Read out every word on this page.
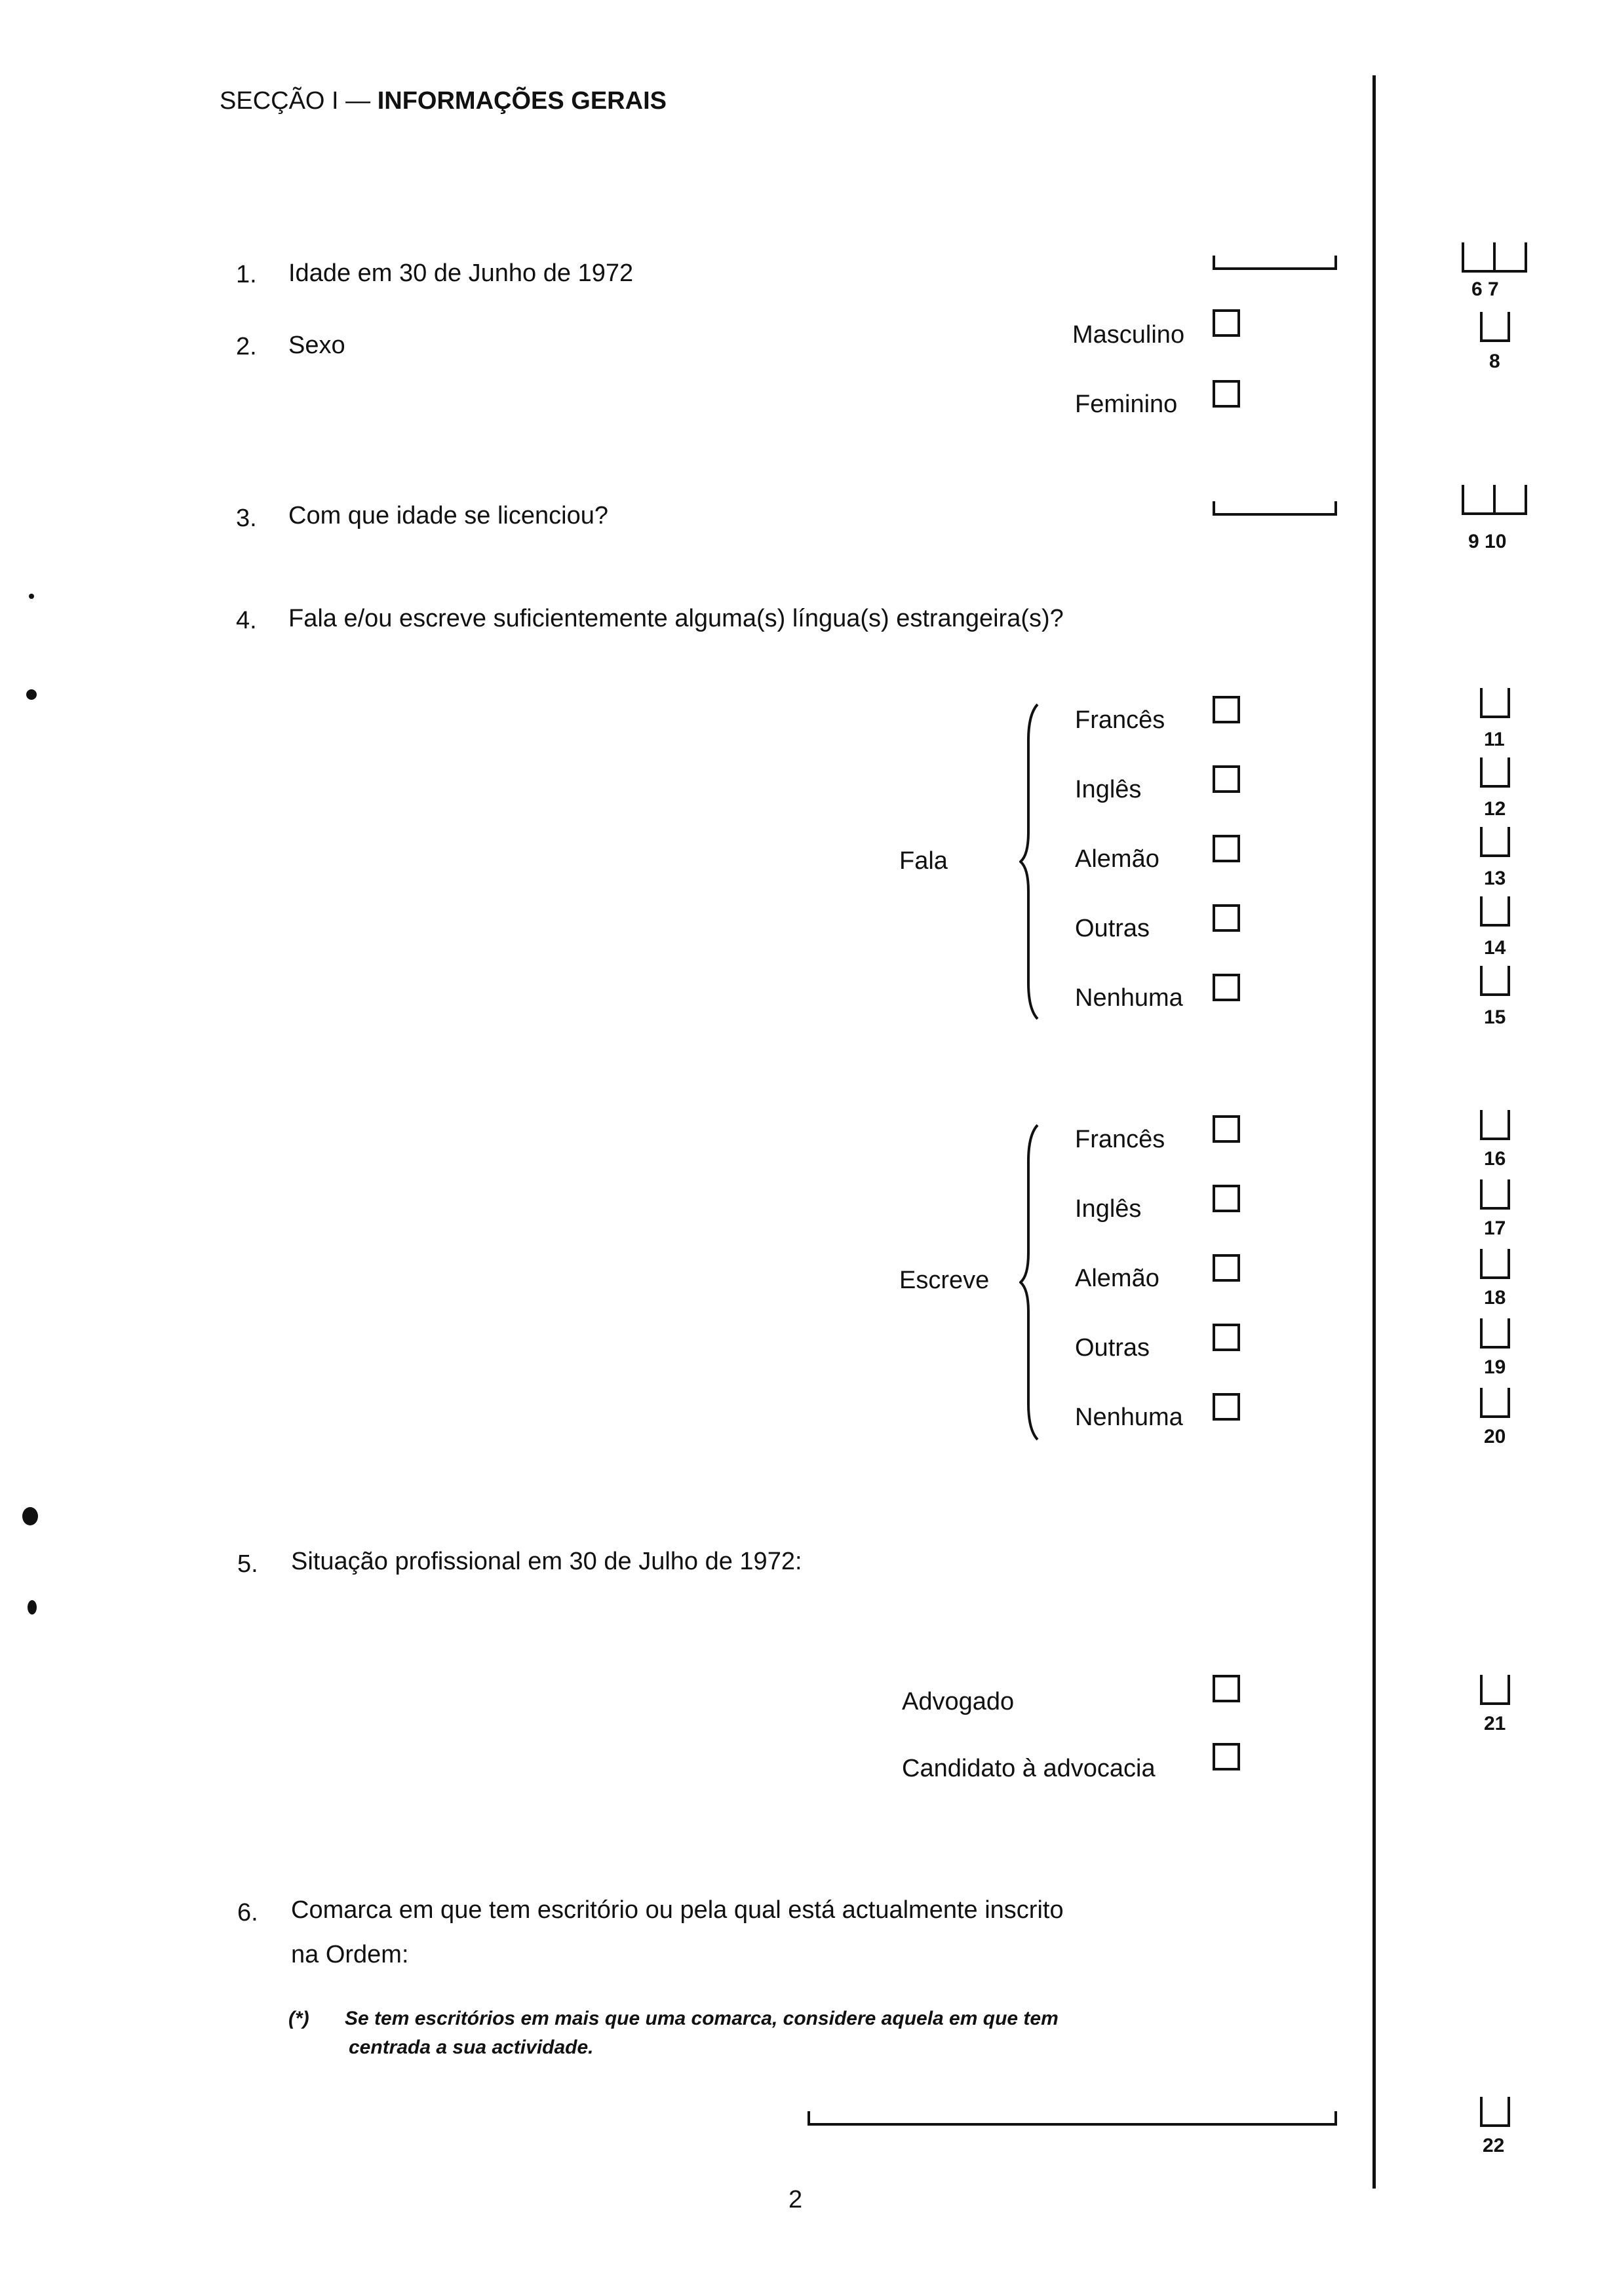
SECÇÃO I — INFORMAÇÕES GERAIS
1. Idade em 30 de Junho de 1972
6 7
2. Sexo	Masculino
Feminino
8
3. Com que idade se licenciou?
9 10
4. Fala e/ou escreve suficientemente alguma(s) língua(s) estrangeira(s)?
Fala
Francês
Inglês
Alemão
Outras
Nenhuma
11
12
13
14
15
Escreve
Francês
Inglês
Alemão
Outras
Nenhuma
16
17
18
19
20
5. Situação profissional em 30 de Julho de 1972:
Advogado
Candidato à advocacia
21
6. Comarca em que tem escritório ou pela qual está actualmente inscrito
na Ordem:
(*) Se tem escritórios em mais que uma comarca, considere aquela em que tem
centrada a sua actividade.
22
2
